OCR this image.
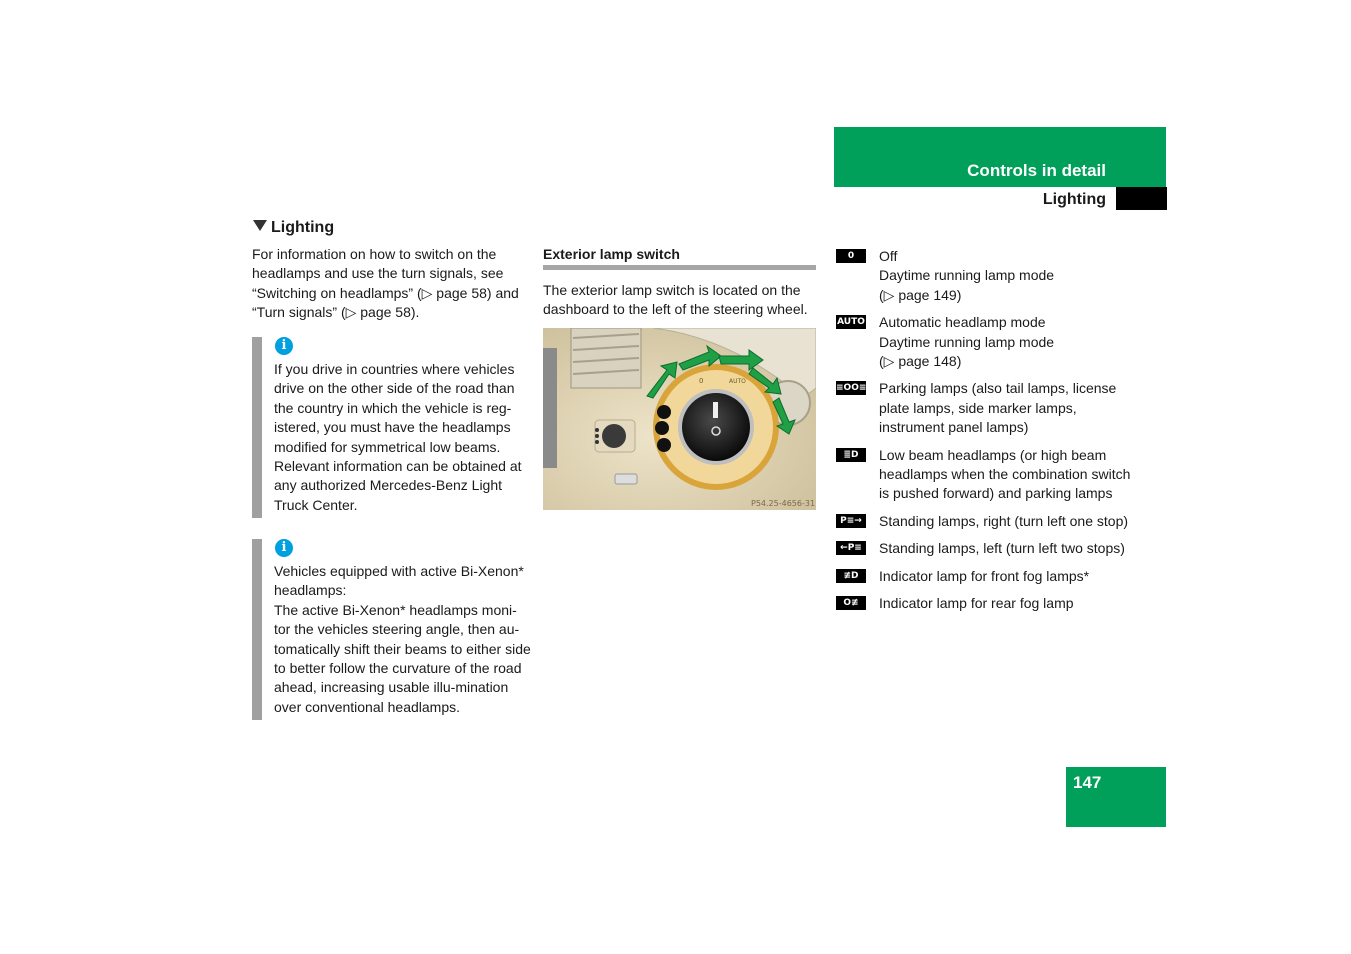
Controls in detail
Lighting
Lighting
For information on how to switch on the headlamps and use the turn signals, see “Switching on headlamps” (▷ page 58) and “Turn signals” (▷ page 58).
i
If you drive in countries where vehicles drive on the other side of the road than the country in which the vehicle is reg-istered, you must have the headlamps modified for symmetrical low beams. Relevant information can be obtained at any authorized Mercedes-Benz Light Truck Center.
i
Vehicles equipped with active Bi-Xenon* headlamps:
The active Bi-Xenon* headlamps moni-tor the vehicles steering angle, then au-tomatically shift their beams to either side to better follow the curvature of the road ahead, increasing usable illu-mination over conventional headlamps.
Exterior lamp switch
The exterior lamp switch is located on the dashboard to the left of the steering wheel.
0	AUTO
P54.25-4656-31
0	Off
Daytime running lamp mode
(▷ page 149)
AUTO Automatic headlamp mode
Daytime running lamp mode
(▷ page 148)
≡OO≡ Parking lamps (also tail lamps, license plate lamps, side marker lamps, instrument panel lamps)
≣D	Low beam headlamps (or high beam headlamps when the combination switch is pushed forward) and parking lamps
P≡→ Standing lamps, right (turn left one stop)
←P≡ Standing lamps, left (turn left two stops)
≢D	Indicator lamp for front fog lamps*
O≢	Indicator lamp for rear fog lamp
147
